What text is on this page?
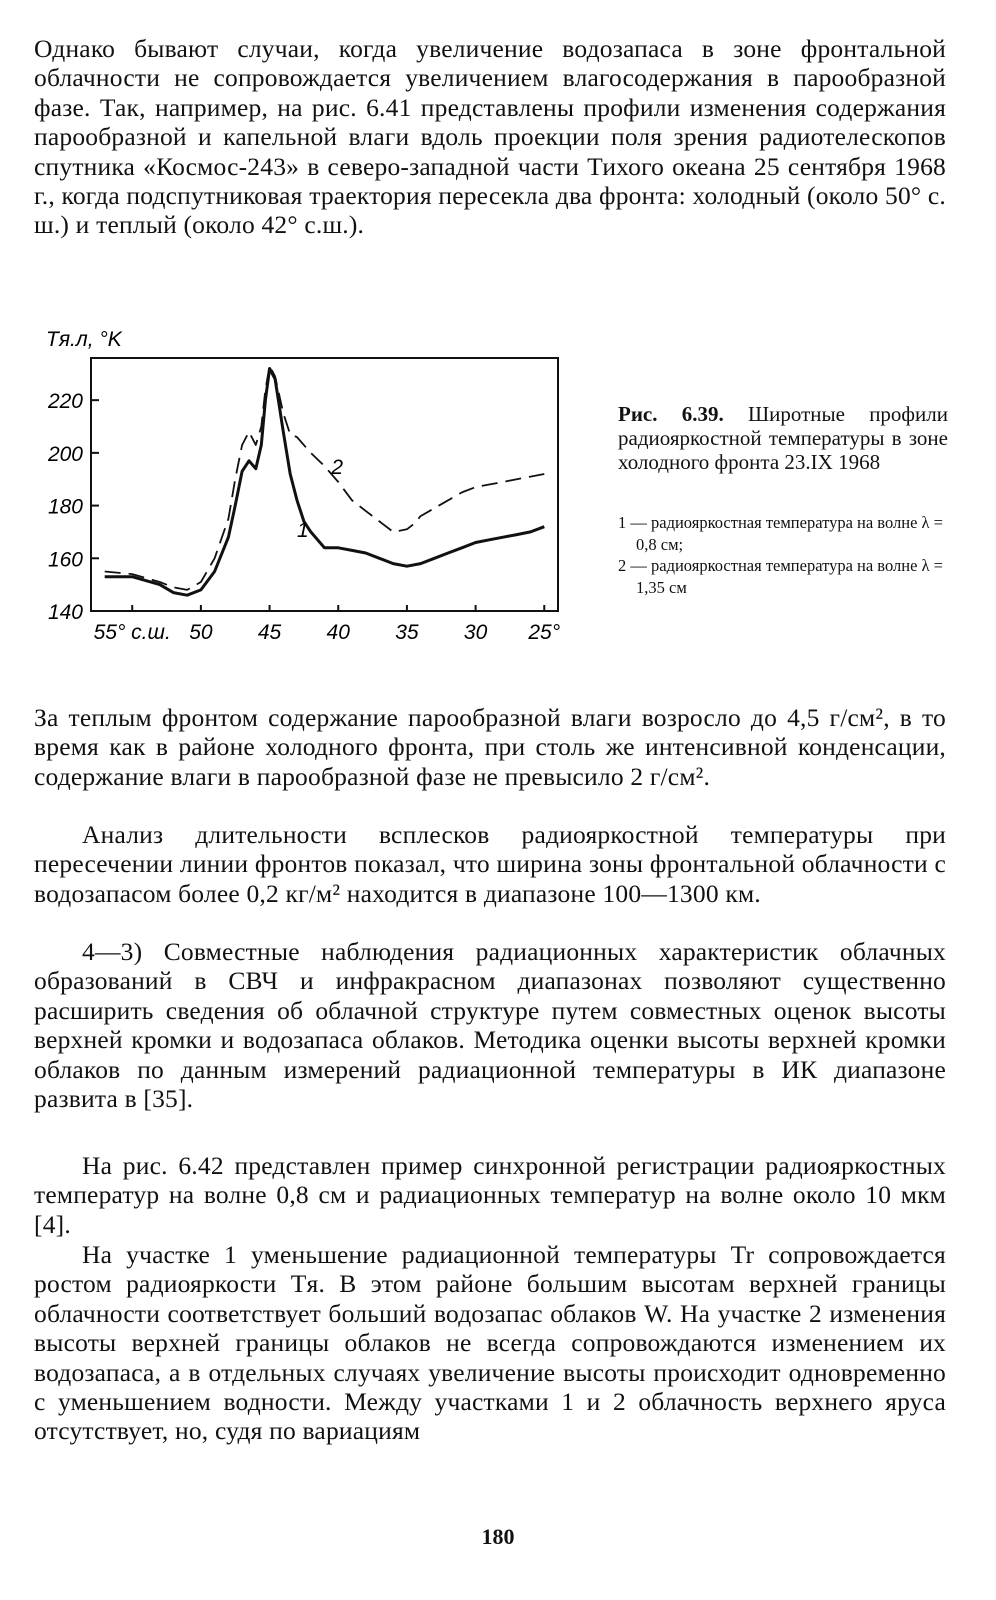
Однако бывают случаи, когда увеличение водозапаса в зоне фронтальной облачности не сопровождается увеличением влагосодержания в парообразной фазе. Так, например, на рис. 6.41 представлены профили изменения содержания парообразной и капельной влаги вдоль проекции поля зрения радиотелескопов спутника «Космос-243» в северо-западной части Тихого океана 25 сентября 1968 г., когда подспутниковая траектория пересекла два фронта: холодный (около 50° с. ш.) и теплый (около 42° с.ш.).
140
160
180
200
220
55° с.ш. 50 45 40 35 30 25°
Tя.л, °K
1
2
Рис. 6.39. Широтные профили радиояркостной температуры в зоне холодного фронта 23.IX 1968
1 — радиояркостная температура на волне λ = 0,8 см;
2 — радиояркостная температура на волне λ = 1,35 см
За теплым фронтом содержание парообразной влаги возросло до 4,5 г/см², в то время как в районе холодного фронта, при столь же интенсивной конденсации, содержание влаги в парообразной фазе не превысило 2 г/см².
Анализ длительности всплесков радиояркостной температуры при пересечении линии фронтов показал, что ширина зоны фронтальной облачности с водозапасом более 0,2 кг/м² находится в диапазоне 100—1300 км.
4—3) Совместные наблюдения радиационных характеристик облачных образований в СВЧ и инфракрасном диапазонах позволяют существенно расширить сведения об облачной структуре путем совместных оценок высоты верхней кромки и водозапаса облаков. Методика оценки высоты верхней кромки облаков по данным измерений радиационной температуры в ИК диапазоне развита в [35].
На рис. 6.42 представлен пример синхронной регистрации радиояркостных температур на волне 0,8 см и радиационных температур на волне около 10 мкм [4].
На участке 1 уменьшение радиационной температуры Tr сопровождается ростом радиояркости Tя. В этом районе большим высотам верхней границы облачности соответствует больший водозапас облаков W. На участке 2 изменения высоты верхней границы облаков не всегда сопровождаются изменением их водозапаса, а в отдельных случаях увеличение высоты происходит одновременно с уменьшением водности. Между участками 1 и 2 облачность верхнего яруса отсутствует, но, судя по вариациям
180
